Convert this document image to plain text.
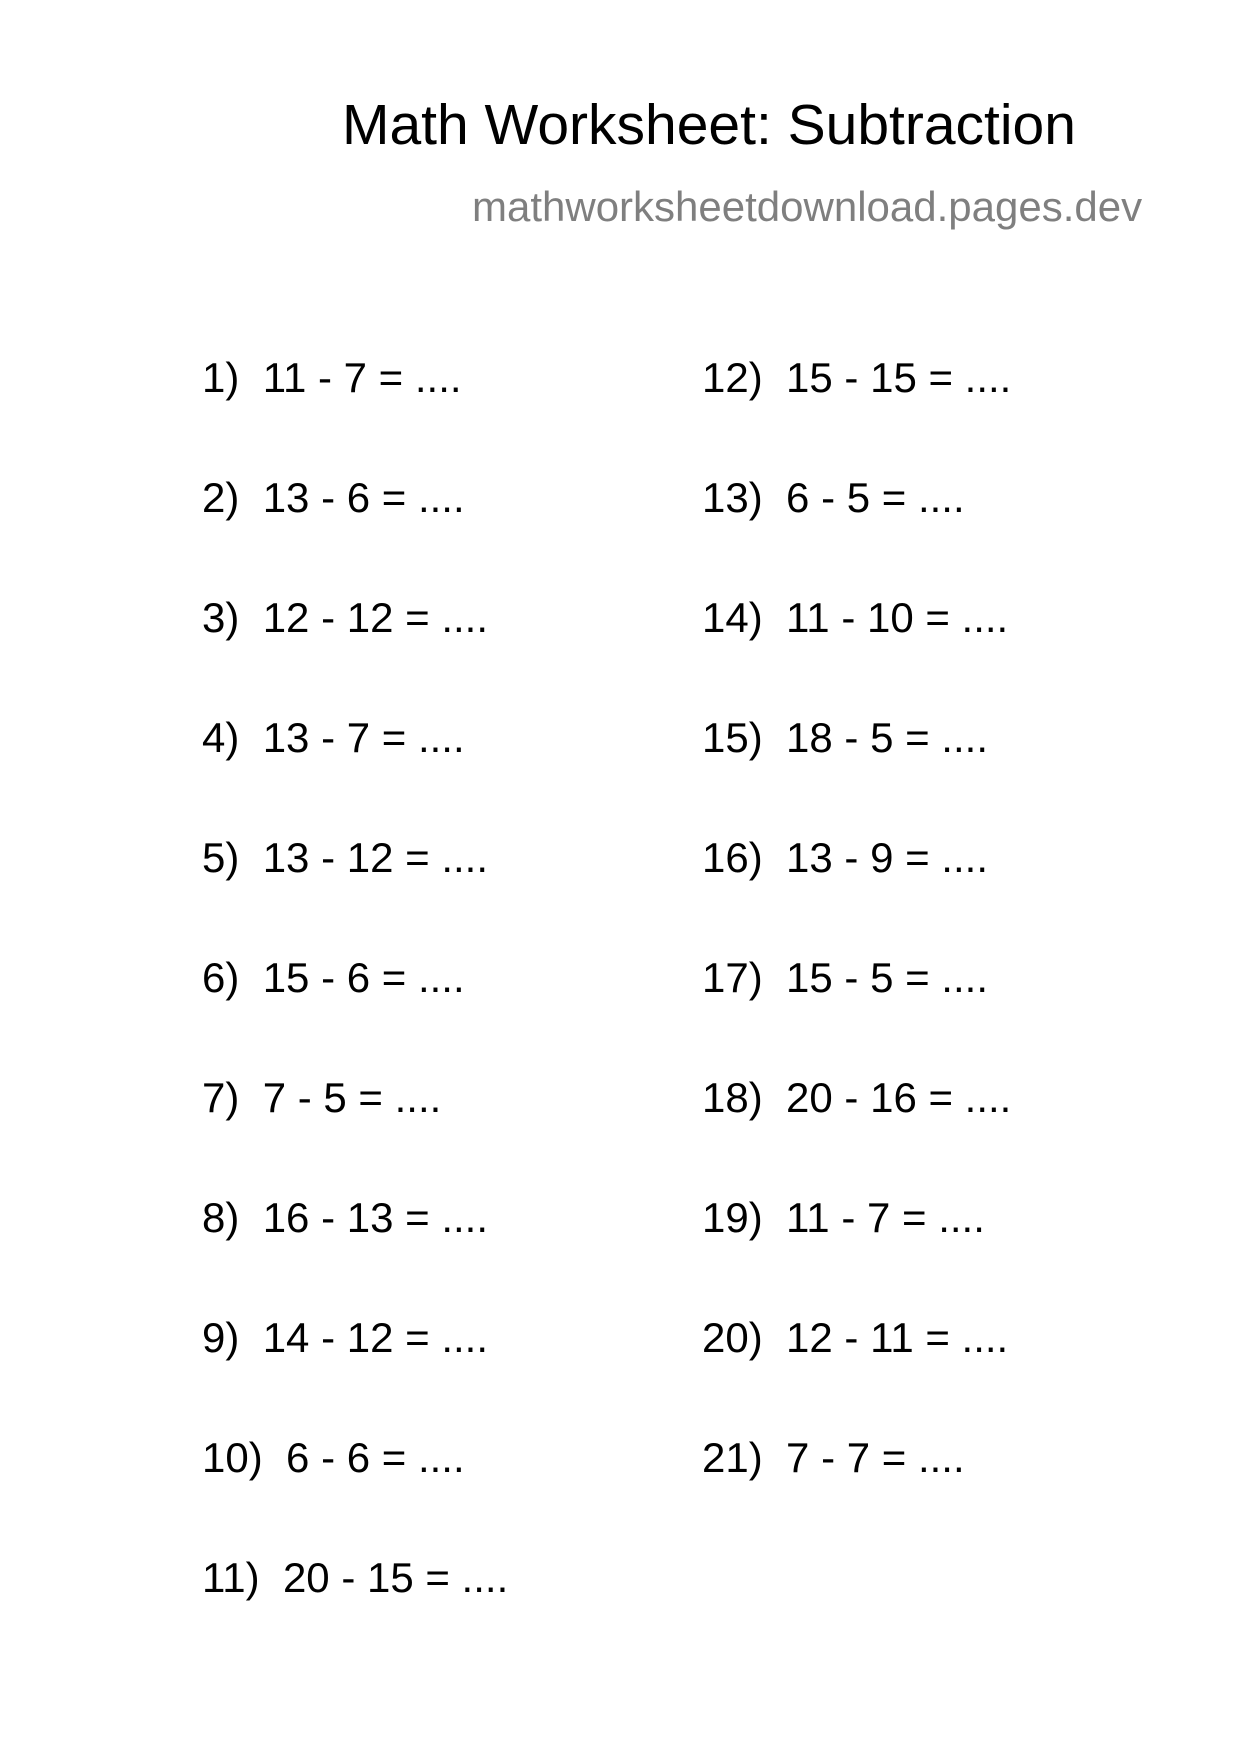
Math Worksheet: Subtraction
mathworksheetdownload.pages.dev
1) 11 - 7 = ....
2) 13 - 6 = ....
3) 12 - 12 = ....
4) 13 - 7 = ....
5) 13 - 12 = ....
6) 15 - 6 = ....
7) 7 - 5 = ....
8) 16 - 13 = ....
9) 14 - 12 = ....
10) 6 - 6 = ....
11) 20 - 15 = ....
12) 15 - 15 = ....
13) 6 - 5 = ....
14) 11 - 10 = ....
15) 18 - 5 = ....
16) 13 - 9 = ....
17) 15 - 5 = ....
18) 20 - 16 = ....
19) 11 - 7 = ....
20) 12 - 11 = ....
21) 7 - 7 = ....
